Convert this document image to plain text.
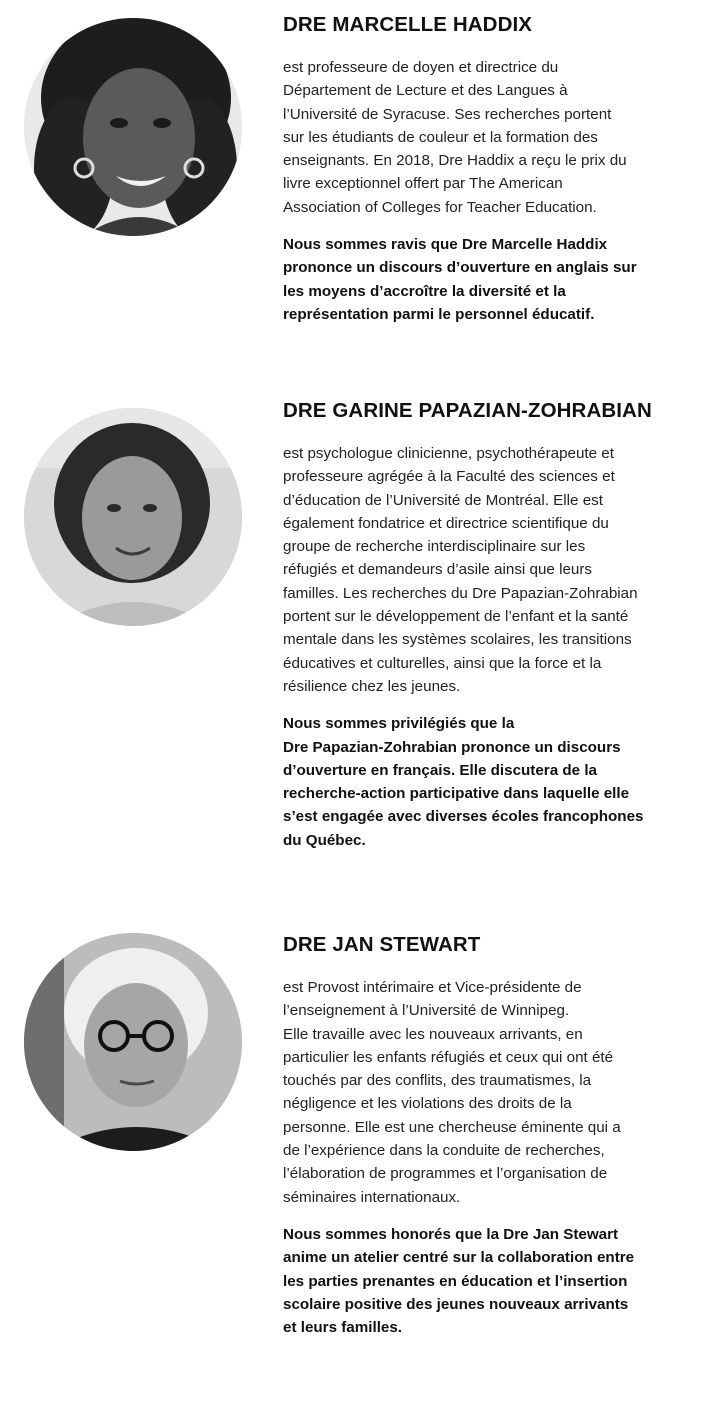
DRE MARCELLE HADDIX
est professeure de doyen et directrice du
Département de Lecture et des Langues à
l’Université de Syracuse. Ses recherches portent
sur les étudiants de couleur et la formation des
enseignants. En 2018, Dre Haddix a reçu le prix du
livre exceptionnel offert par The American
Association of Colleges for Teacher Education.
Nous sommes ravis que Dre Marcelle Haddix
prononce un discours d’ouverture en anglais sur
les moyens d’accroître la diversité et la
représentation parmi le personnel éducatif.
DRE GARINE PAPAZIAN-ZOHRABIAN
est psychologue clinicienne, psychothérapeute et
professeure agrégée à la Faculté des sciences et
d’éducation de l’Université de Montréal. Elle est
également fondatrice et directrice scientifique du
groupe de recherche interdisciplinaire sur les
réfugiés et demandeurs d’asile ainsi que leurs
familles. Les recherches du Dre Papazian-Zohrabian
portent sur le développement de l’enfant et la santé
mentale dans les systèmes scolaires, les transitions
éducatives et culturelles, ainsi que la force et la
résilience chez les jeunes.
Nous sommes privilégiés que la
Dre Papazian-Zohrabian prononce un discours
d’ouverture en français. Elle discutera de la
recherche-action participative dans laquelle elle
s’est engagée avec diverses écoles francophones
du Québec.
DRE JAN STEWART
est Provost intérimaire et Vice-présidente de
l’enseignement à l’Université de Winnipeg.
Elle travaille avec les nouveaux arrivants, en
particulier les enfants réfugiés et ceux qui ont été
touchés par des conflits, des traumatismes, la
négligence et les violations des droits de la
personne. Elle est une chercheuse éminente qui a
de l’expérience dans la conduite de recherches,
l’élaboration de programmes et l’organisation de
séminaires internationaux.
Nous sommes honorés que la Dre Jan Stewart
anime un atelier centré sur la collaboration entre
les parties prenantes en éducation et l’insertion
scolaire positive des jeunes nouveaux arrivants
et leurs familles.
